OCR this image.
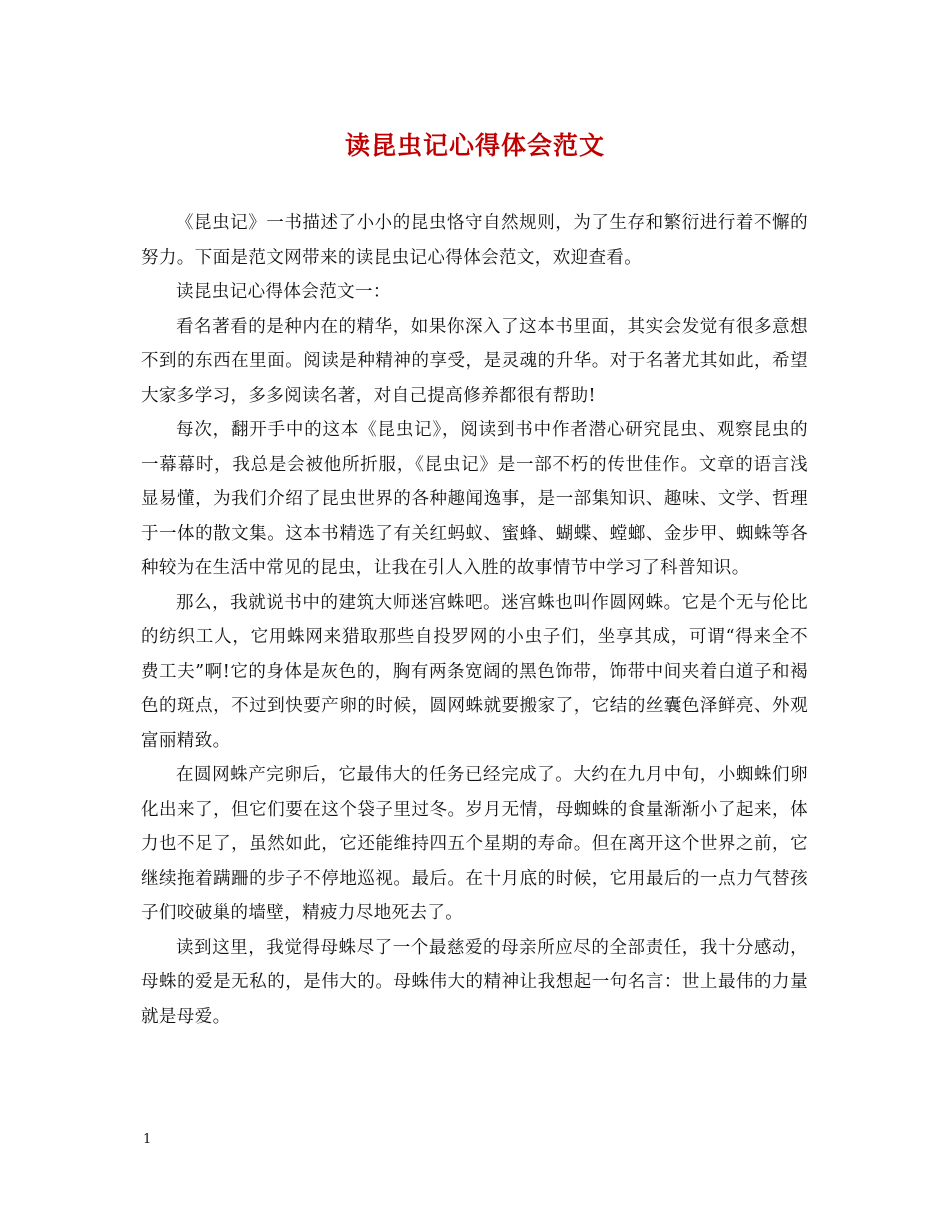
读昆虫记心得体会范文

《昆虫记》一书描述了小小的昆虫恪守自然规则，为了生存和繁衍进行着不懈的努力。下面是范文网带来的读昆虫记心得体会范文，欢迎查看。

读昆虫记心得体会范文一：

看名著看的是种内在的精华，如果你深入了这本书里面，其实会发觉有很多意想不到的东西在里面。阅读是种精神的享受，是灵魂的升华。对于名著尤其如此，希望大家多学习，多多阅读名著，对自己提高修养都很有帮助!

每次，翻开手中的这本《昆虫记》，阅读到书中作者潜心研究昆虫、观察昆虫的一幕幕时，我总是会被他所折服，《昆虫记》是一部不朽的传世佳作。文章的语言浅显易懂，为我们介绍了昆虫世界的各种趣闻逸事，是一部集知识、趣味、文学、哲理于一体的散文集。这本书精选了有关红蚂蚁、蜜蜂、蝴蝶、螳螂、金步甲、蜘蛛等各种较为在生活中常见的昆虫，让我在引人入胜的故事情节中学习了科普知识。

那么，我就说书中的建筑大师迷宫蛛吧。迷宫蛛也叫作圆网蛛。它是个无与伦比的纺织工人，它用蛛网来猎取那些自投罗网的小虫子们，坐享其成，可谓“得来全不费工夫”啊!它的身体是灰色的，胸有两条宽阔的黑色饰带，饰带中间夹着白道子和褐色的斑点，不过到快要产卵的时候，圆网蛛就要搬家了，它结的丝囊色泽鲜亮、外观富丽精致。

在圆网蛛产完卵后，它最伟大的任务已经完成了。大约在九月中旬，小蜘蛛们卵化出来了，但它们要在这个袋子里过冬。岁月无情，母蜘蛛的食量渐渐小了起来，体力也不足了，虽然如此，它还能维持四五个星期的寿命。但在离开这个世界之前，它继续拖着蹒跚的步子不停地巡视。最后。在十月底的时候，它用最后的一点力气替孩子们咬破巢的墙壁，精疲力尽地死去了。

读到这里，我觉得母蛛尽了一个最慈爱的母亲所应尽的全部责任，我十分感动，母蛛的爱是无私的，是伟大的。母蛛伟大的精神让我想起一句名言：世上最伟的力量就是母爱。

1
